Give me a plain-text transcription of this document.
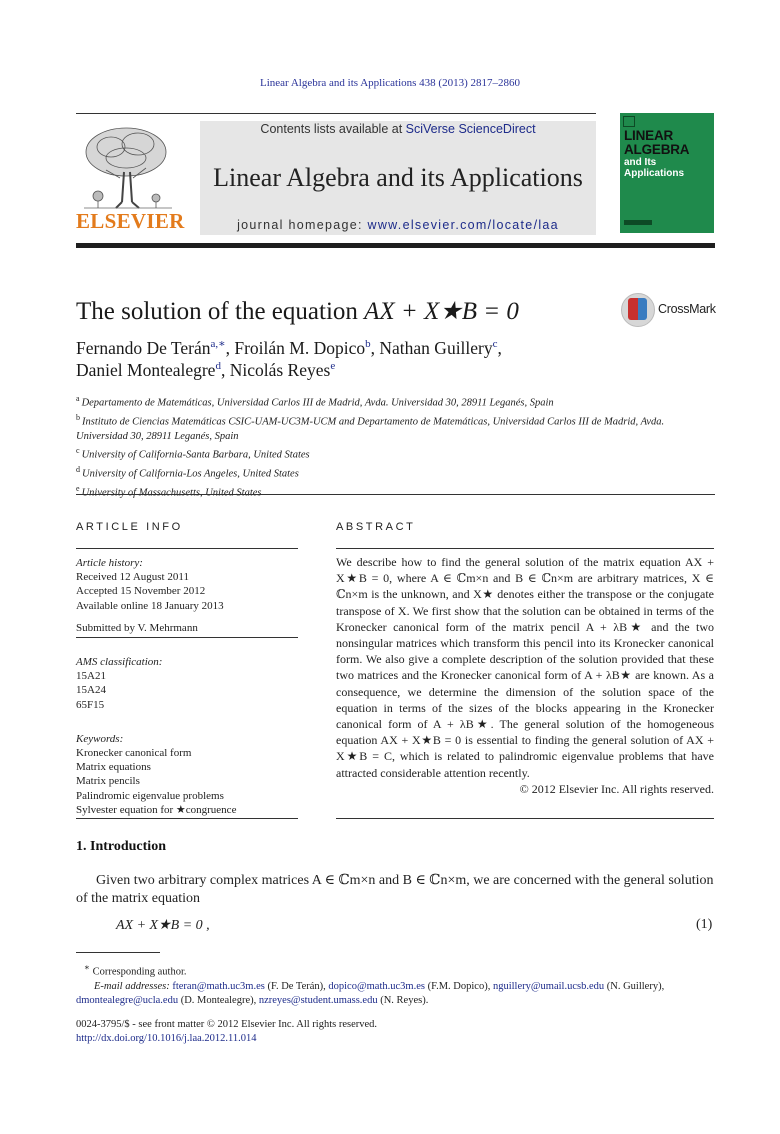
Linear Algebra and its Applications 438 (2013) 2817–2860
ELSEVIER
Contents lists available at SciVerse ScienceDirect
Linear Algebra and its Applications
journal homepage: www.elsevier.com/locate/laa
LINEAR
ALGEBRA
and Its
Applications
The solution of the equation AX + X★B = 0	CrossMark
Fernando De Terán$^{a,∗}$, Froilán M. Dopico$^b$, Nathan Guillery$^c$,
Daniel Montealegre$^d$, Nicolás Reyes$^e$
$^a$ Departamento de Matemáticas, Universidad Carlos III de Madrid, Avda. Universidad 30, 28911 Leganés, Spain
$^b$ Instituto de Ciencias Matemáticas CSIC-UAM-UC3M-UCM and Departamento de Matemáticas, Universidad Carlos III de Madrid, Avda. Universidad 30, 28911 Leganés, Spain
$^c$ University of California-Santa Barbara, United States
$^d$ University of California-Los Angeles, United States
$^e$ University of Massachusetts, United States
ARTICLE INFO
Article history:
Received 12 August 2011
Accepted 15 November 2012
Available online 18 January 2013
Submitted by V. Mehrmann
AMS classification:
15A21
15A24
65F15
Keywords:
Kronecker canonical form
Matrix equations
Matrix pencils
Palindromic eigenvalue problems
Sylvester equation for ★congruence
ABSTRACT
We describe how to find the general solution of the matrix equation AX + X★B = 0, where A ∈ ℂm×n and B ∈ ℂn×m are arbitrary matrices, X ∈ ℂn×m is the unknown, and X★ denotes either the transpose or the conjugate transpose of X. We first show that the solution can be obtained in terms of the Kronecker canonical form of the matrix pencil A + λB★ and the two nonsingular matrices which transform this pencil into its Kronecker canonical form. We also give a complete description of the solution provided that these two matrices and the Kronecker canonical form of A + λB★ are known. As a consequence, we determine the dimension of the solution space of the equation in terms of the sizes of the blocks appearing in the Kronecker canonical form of A + λB★. The general solution of the homogeneous equation AX + X★B = 0 is essential to finding the general solution of AX + X★B = C, which is related to palindromic eigenvalue problems that have attracted considerable attention recently.
© 2012 Elsevier Inc. All rights reserved.
1. Introduction
Given two arbitrary complex matrices A ∈ ℂm×n and B ∈ ℂn×m, we are concerned with the general solution of the matrix equation
AX + X★B = 0 ,	(1)
∗ Corresponding author.
E-mail addresses: fteran@math.uc3m.es (F. De Terán), dopico@math.uc3m.es (F.M. Dopico), nguillery@umail.ucsb.edu (N. Guillery), dmontealegre@ucla.edu (D. Montealegre), nzreyes@student.umass.edu (N. Reyes).
0024-3795/$ - see front matter © 2012 Elsevier Inc. All rights reserved.
http://dx.doi.org/10.1016/j.laa.2012.11.014
